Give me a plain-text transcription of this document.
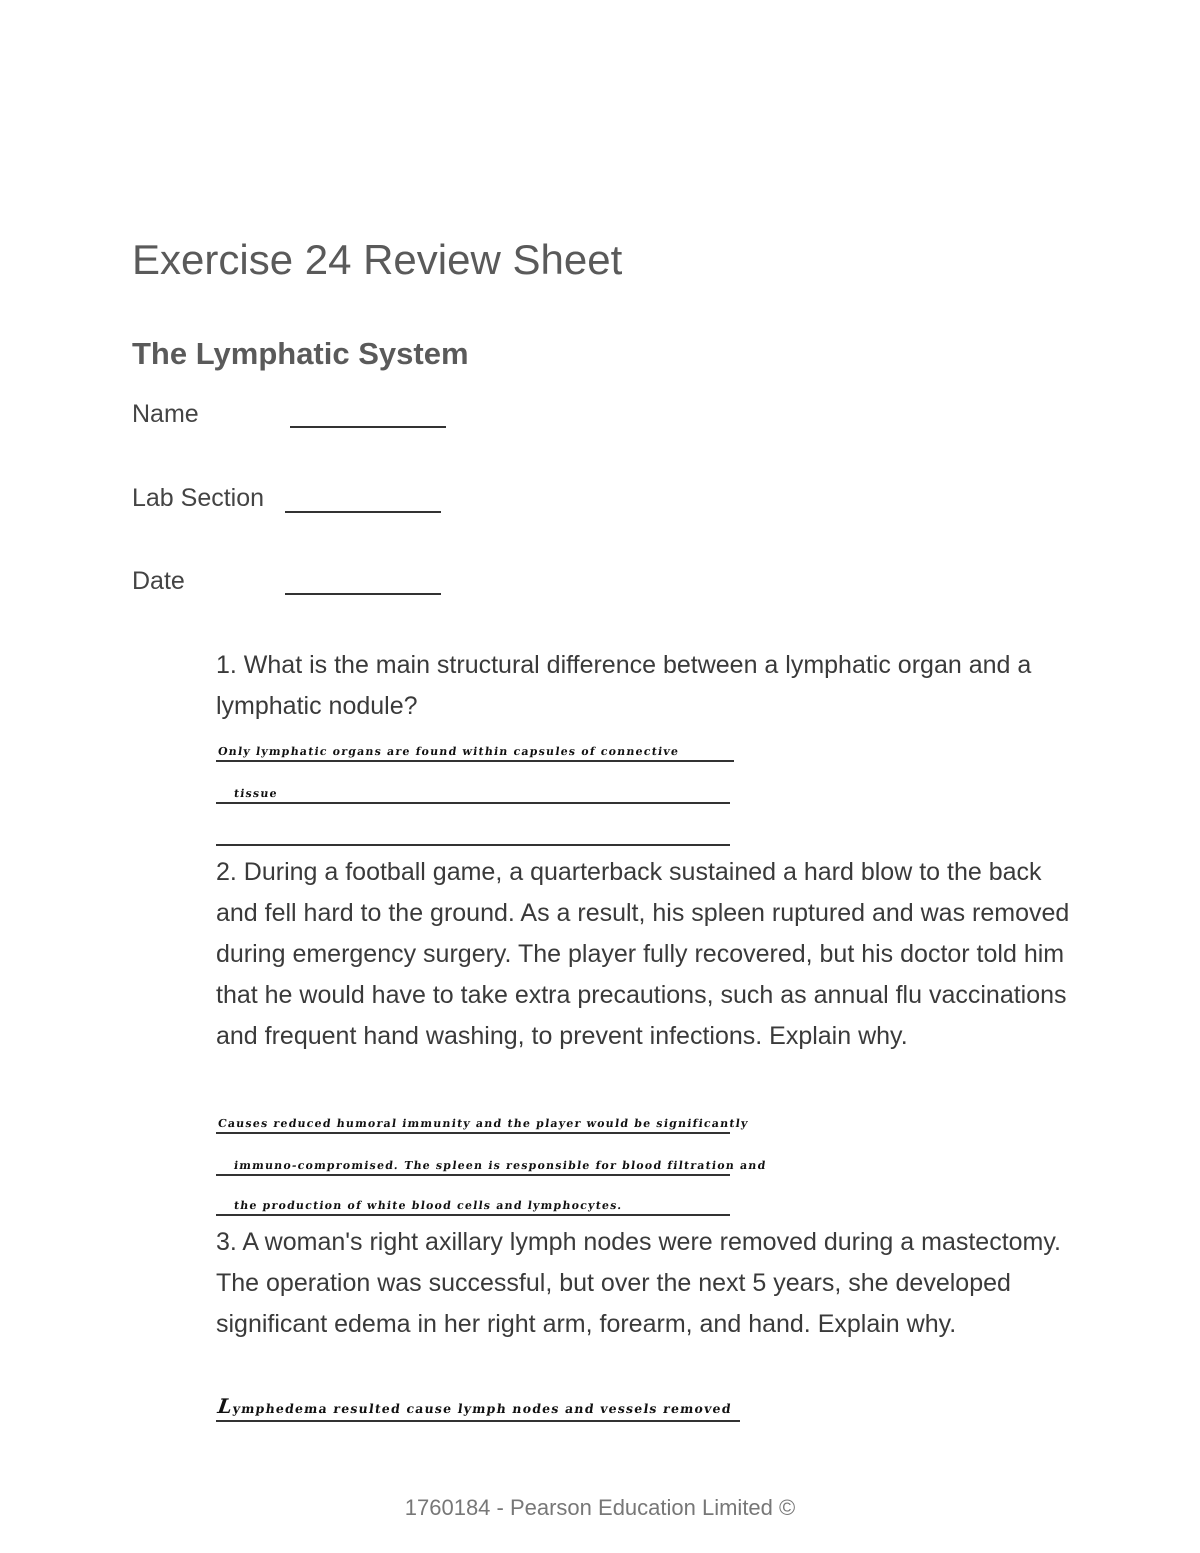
Exercise 24 Review Sheet
The Lymphatic System
Name
Lab Section
Date
1. What is the main structural difference between a lymphatic organ and a lymphatic nodule?
Only lymphatic organs are found within capsules of connective
tissue
2. During a football game, a quarterback sustained a hard blow to the back and fell hard to the ground. As a result, his spleen ruptured and was removed during emergency surgery. The player fully recovered, but his doctor told him that he would have to take extra precautions, such as annual flu vaccinations and frequent hand washing, to prevent infections. Explain why.
Causes reduced humoral immunity and the player would be significantly
immuno-compromised. The spleen is responsible for blood filtration and
the production of white blood cells and lymphocytes.
3. A woman's right axillary lymph nodes were removed during a mastectomy. The operation was successful, but over the next 5 years, she developed significant edema in her right arm, forearm, and hand. Explain why.
Lymphedema resulted cause lymph nodes and vessels removed
1760184 - Pearson Education Limited ©
